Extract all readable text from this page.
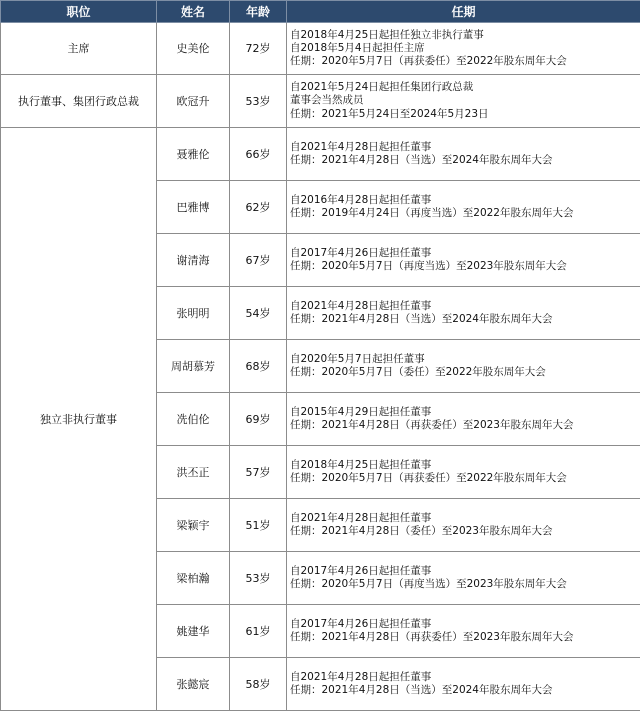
职位	姓名	年龄	任期
主席	史美伦	72岁	自2018年4月25日起担任独立非执行董事
自2018年5月4日起担任主席
任期：2020年5月7日（再获委任）至2022年股东周年大会

执行董事、集团行政总裁	欧冠升	53岁	自2021年5月24日起担任集团行政总裁
董事会当然成员
任期：2021年5月24日至2024年5月23日

独立非执行董事	聂雅伦	66岁	自2021年4月28日起担任董事
任期：2021年4月28日（当选）至2024年股东周年大会

	巴雅博	62岁	自2016年4月28日起担任董事
任期：2019年4月24日（再度当选）至2022年股东周年大会

	谢清海	67岁	自2017年4月26日起担任董事
任期：2020年5月7日（再度当选）至2023年股东周年大会

	张明明	54岁	自2021年4月28日起担任董事
任期：2021年4月28日（当选）至2024年股东周年大会

	周胡慕芳	68岁	自2020年5月7日起担任董事
任期：2020年5月7日（委任）至2022年股东周年大会

	冼伯伦	69岁	自2015年4月29日起担任董事
任期：2021年4月28日（再获委任）至2023年股东周年大会

	洪丕正	57岁	自2018年4月25日起担任董事
任期：2020年5月7日（再获委任）至2022年股东周年大会

	梁颖宇	51岁	自2021年4月28日起担任董事
任期：2021年4月28日（委任）至2023年股东周年大会

	梁柏瀚	53岁	自2017年4月26日起担任董事
任期：2020年5月7日（再度当选）至2023年股东周年大会

	姚建华	61岁	自2017年4月26日起担任董事
任期：2021年4月28日（再获委任）至2023年股东周年大会

	张懿宸	58岁	自2021年4月28日起担任董事
任期：2021年4月28日（当选）至2024年股东周年大会
